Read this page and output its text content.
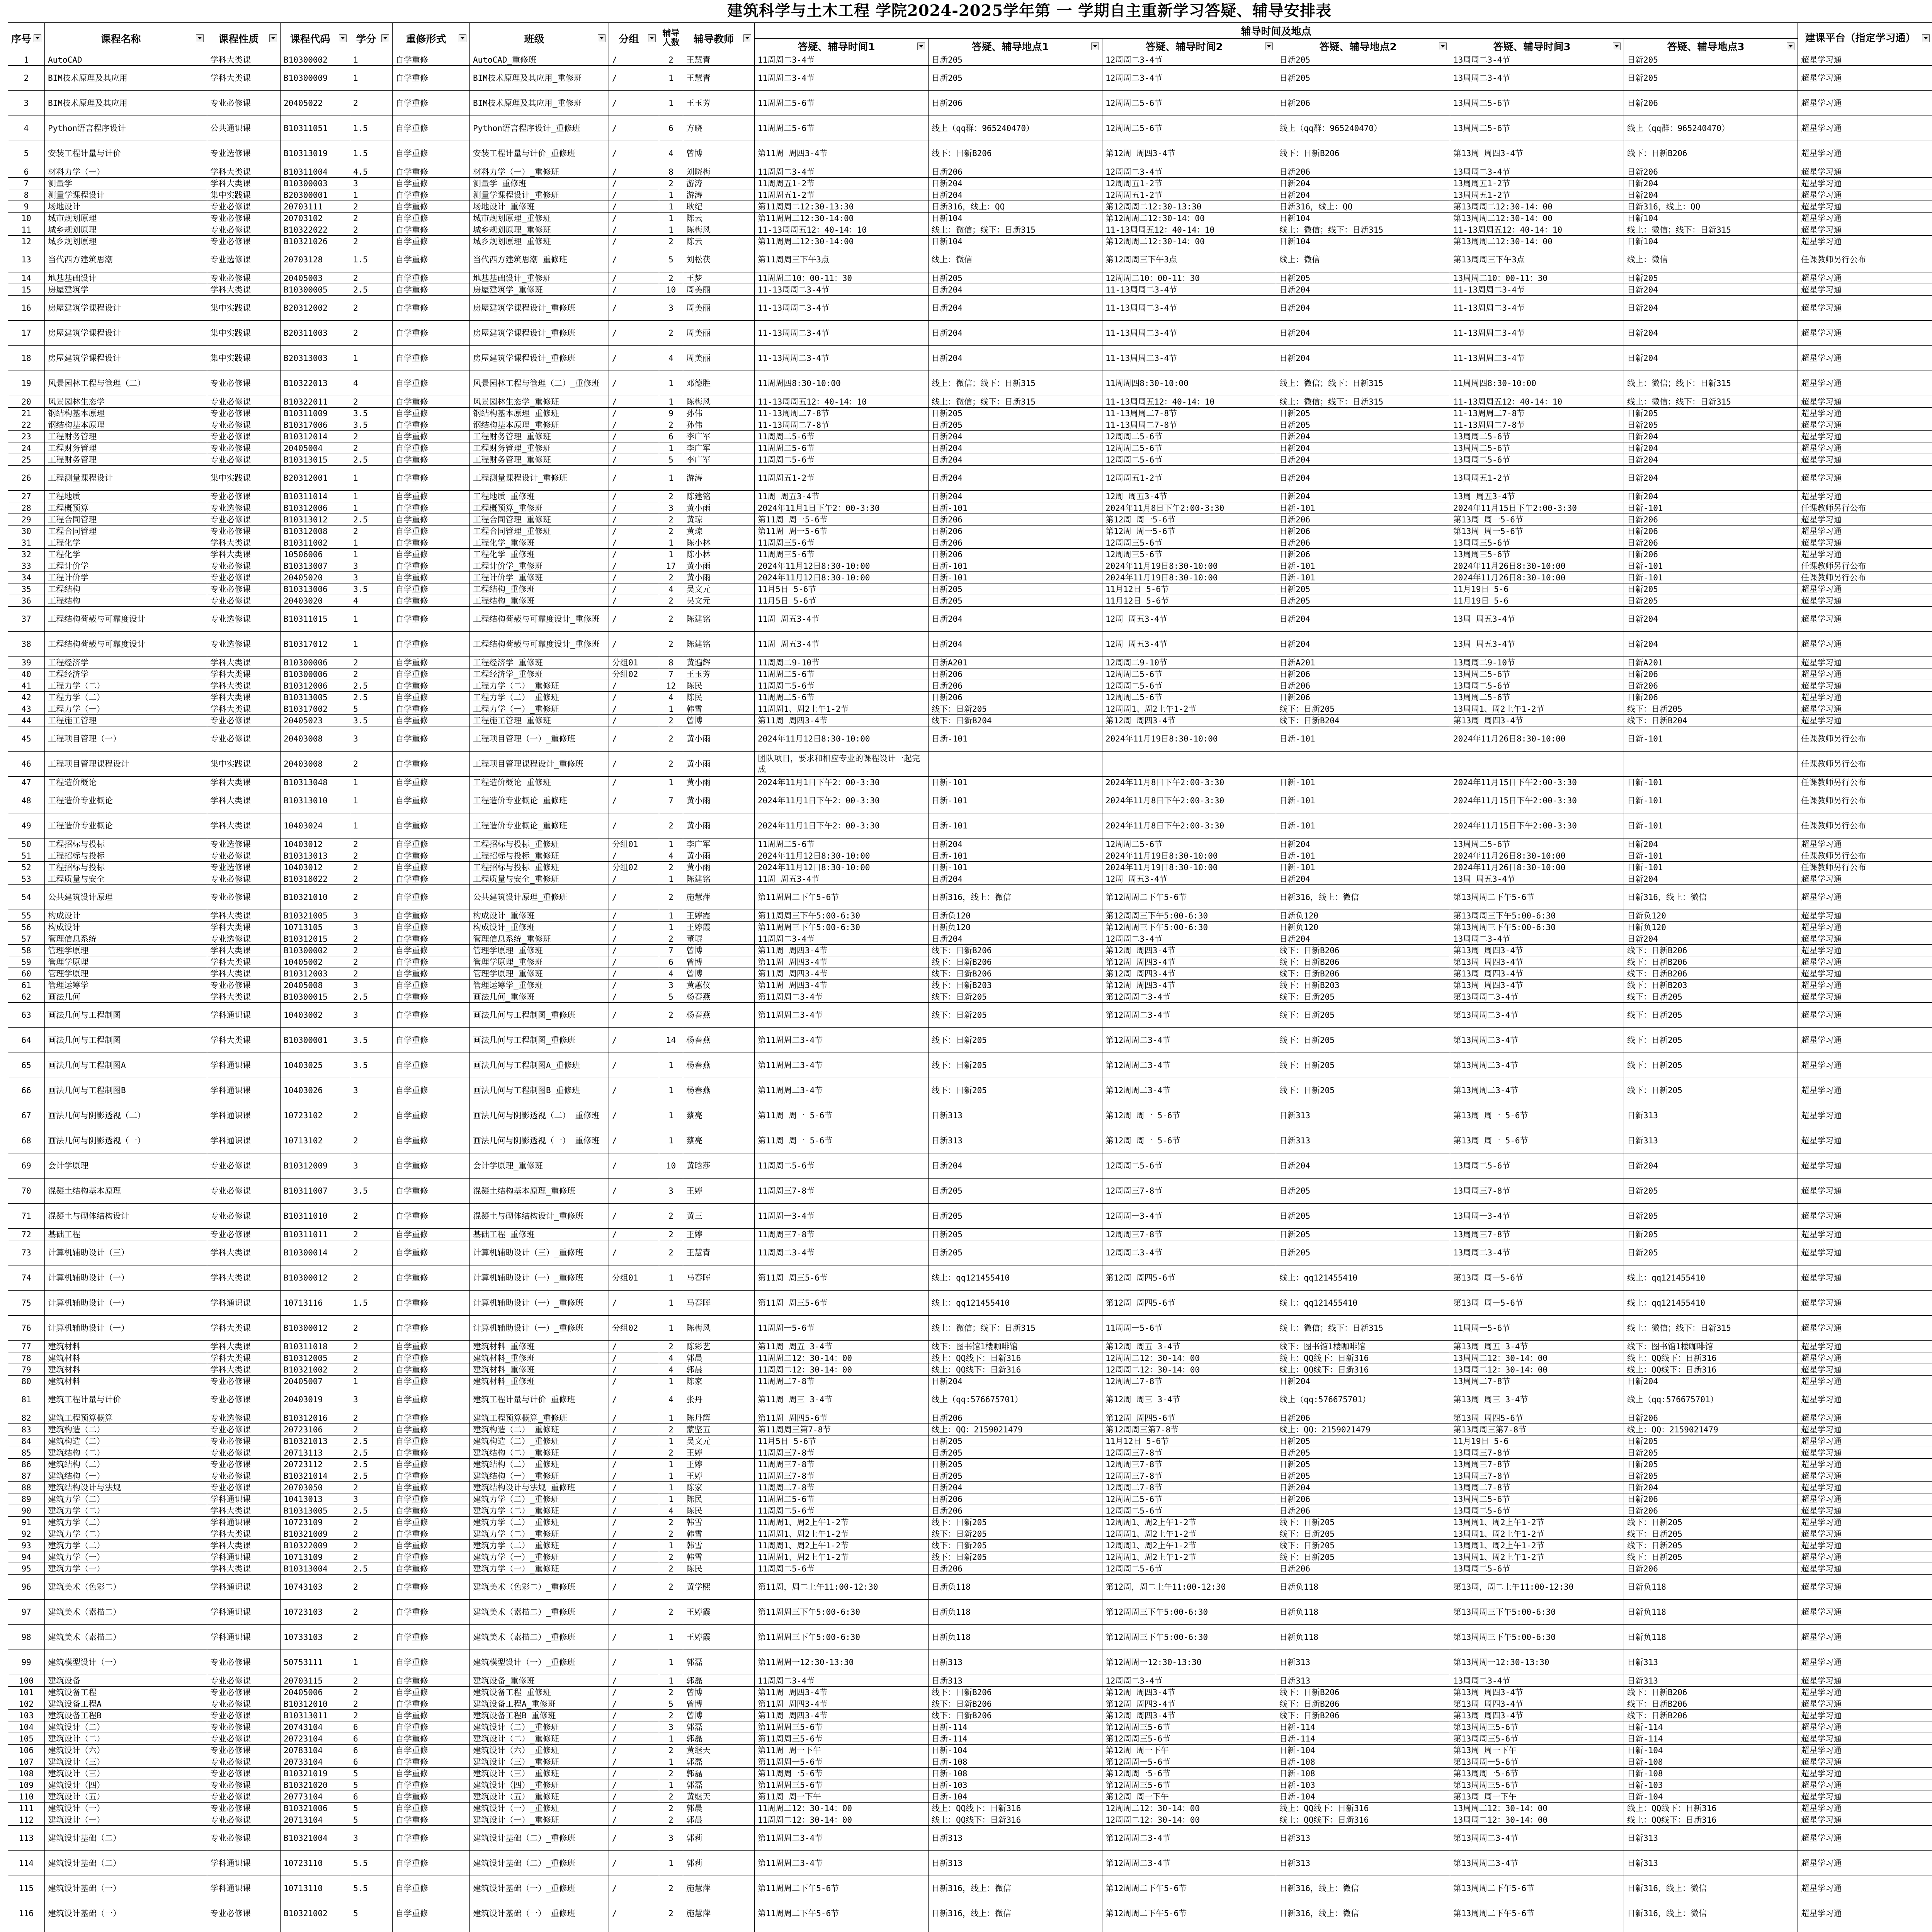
建筑科学与土木工程 学院2024-2025学年第 一 学期自主重新学习答疑、辅导安排表
序号	课程名称	课程性质	课程代码	学分	重修形式	班级	分组	辅导人数	辅导教师	辅导时间及地点						建课平台（指定学习通）

										答疑、辅导时间1	答疑、辅导地点1	答疑、辅导时间2	答疑、辅导地点2	答疑、辅导时间3	答疑、辅导地点3		

1	AutoCAD	学科大类课	B10300002	1	自学重修	AutoCAD_重修班	/	2	王慧青	11周周二3-4节	日新205	12周周二3-4节	日新205	13周周二3-4节	日新205	超星学习通	
2	BIM技术原理及其应用	学科大类课	B10300009	1	自学重修	BIM技术原理及其应用_重修班	/	1	王慧青	11周周二3-4节	日新205	12周周二3-4节	日新205	13周周二3-4节	日新205	超星学习通	
3	BIM技术原理及其应用	专业必修课	20405022	2	自学重修	BIM技术原理及其应用_重修班	/	1	王玉芳	11周周二5-6节	日新206	12周周二5-6节	日新206	13周周二5-6节	日新206	超星学习通	
4	Python语言程序设计	公共通识课	B10311051	1.5	自学重修	Python语言程序设计_重修班	/	6	方晓	11周周二5-6节	线上（qq群：965240470）	12周周二5-6节	线上（qq群：965240470）	13周周二5-6节	线上（qq群：965240470）	超星学习通	
5	安装工程计量与计价	专业选修课	B10313019	1.5	自学重修	安装工程计量与计价_重修班	/	4	曾博	第11周 周四3-4节	线下：日新B206	第12周 周四3-4节	线下：日新B206	第13周 周四3-4节	线下：日新B206	超星学习通	
6	材料力学（一）	学科大类课	B10311004	4.5	自学重修	材料力学（一）_重修班	/	8	刘晓梅	11周周二3-4节	日新206	12周周二3-4节	日新206	13周周二3-4节	日新206	超星学习通	
7	测量学	学科大类课	B10300003	3	自学重修	测量学_重修班	/	2	游涛	11周周五1-2节	日新204	12周周五1-2节	日新204	13周周五1-2节	日新204	超星学习通	
8	测量学课程设计	集中实践课	B20300001	1	自学重修	测量学课程设计_重修班	/	1	游涛	11周周五1-2节	日新204	12周周五1-2节	日新204	13周周五1-2节	日新204	超星学习通	
9	场地设计	专业必修课	20703111	2	自学重修	场地设计_重修班	/	1	耿纪	第11周周二12:30-13:30	日新316，线上：QQ	第12周周二12:30-13:30	日新316，线上：QQ	第13周周二12:30-14：00	日新316，线上：QQ	超星学习通	
10	城市规划原理	专业必修课	20703102	2	自学重修	城市规划原理_重修班	/	1	陈云	第11周周二12:30-14:00	日新104	第12周周二12:30-14：00	日新104	第13周周二12:30-14：00	日新104	超星学习通	
11	城乡规划原理	专业必修课	B10322022	2	自学重修	城乡规划原理_重修班	/	1	陈梅风	11-13周周五12：40-14：10	线上：微信；线下：日新315	11-13周周五12：40-14：10	线上：微信；线下：日新315	11-13周周五12：40-14：10	线上：微信；线下：日新315	超星学习通	
12	城乡规划原理	专业必修课	B10321026	2	自学重修	城乡规划原理_重修班	/	2	陈云	第11周周二12:30-14:00	日新104	第12周周二12:30-14：00	日新104	第13周周二12:30-14：00	日新104	超星学习通	
13	当代西方建筑思潮	专业选修课	20703128	1.5	自学重修	当代西方建筑思潮_重修班	/	5	刘松茯	第11周周三下午3点	线上：微信	第12周周三下午3点	线上：微信	第13周周三下午3点	线上：微信	任课教师另行公布	
14	地基基础设计	专业必修课	20405003	2	自学重修	地基基础设计_重修班	/	2	王梦	11周周二10：00-11：30	日新205	12周周二10：00-11：30	日新205	13周周二10：00-11：30	日新205	超星学习通	
15	房屋建筑学	学科大类课	B10300005	2.5	自学重修	房屋建筑学_重修班	/	10	周美丽	11-13周周二3-4节	日新204	11-13周周二3-4节	日新204	11-13周周二3-4节	日新204	超星学习通	
16	房屋建筑学课程设计	集中实践课	B20312002	2	自学重修	房屋建筑学课程设计_重修班	/	3	周美丽	11-13周周二3-4节	日新204	11-13周周二3-4节	日新204	11-13周周二3-4节	日新204	超星学习通	
17	房屋建筑学课程设计	集中实践课	B20311003	2	自学重修	房屋建筑学课程设计_重修班	/	2	周美丽	11-13周周二3-4节	日新204	11-13周周二3-4节	日新204	11-13周周二3-4节	日新204	超星学习通	
18	房屋建筑学课程设计	集中实践课	B20313003	1	自学重修	房屋建筑学课程设计_重修班	/	4	周美丽	11-13周周二3-4节	日新204	11-13周周二3-4节	日新204	11-13周周二3-4节	日新204	超星学习通	
19	风景园林工程与管理（二）	专业必修课	B10322013	4	自学重修	风景园林工程与管理（二）_重修班	/	1	邓德胜	11周周四8:30-10:00	线上：微信；线下：日新315	11周周四8:30-10:00	线上：微信；线下：日新315	11周周四8:30-10:00	线上：微信；线下：日新315	超星学习通	
20	风景园林生态学	专业必修课	B10322011	2	自学重修	风景园林生态学_重修班	/	1	陈梅风	11-13周周五12：40-14：10	线上：微信；线下：日新315	11-13周周五12：40-14：10	线上：微信；线下：日新315	11-13周周五12：40-14：10	线上：微信；线下：日新315	超星学习通	
21	钢结构基本原理	专业必修课	B10311009	3.5	自学重修	钢结构基本原理_重修班	/	9	孙伟	11-13周周二7-8节	日新205	11-13周周二7-8节	日新205	11-13周周二7-8节	日新205	超星学习通	
22	钢结构基本原理	专业必修课	B10317006	3.5	自学重修	钢结构基本原理_重修班	/	2	孙伟	11-13周周二7-8节	日新205	11-13周周二7-8节	日新205	11-13周周二7-8节	日新205	超星学习通	
23	工程财务管理	专业必修课	B10312014	2	自学重修	工程财务管理_重修班	/	6	李广军	11周周二5-6节	日新204	12周周二5-6节	日新204	13周周二5-6节	日新204	超星学习通	
24	工程财务管理	专业必修课	20405004	2	自学重修	工程财务管理_重修班	/	1	李广军	11周周二5-6节	日新204	12周周二5-6节	日新204	13周周二5-6节	日新204	超星学习通	
25	工程财务管理	专业必修课	B10313015	2.5	自学重修	工程财务管理_重修班	/	5	李广军	11周周二5-6节	日新204	12周周二5-6节	日新204	13周周二5-6节	日新204	超星学习通	
26	工程测量课程设计	集中实践课	B20312001	1	自学重修	工程测量课程设计_重修班	/	1	游涛	11周周五1-2节	日新204	12周周五1-2节	日新204	13周周五1-2节	日新204	超星学习通	
27	工程地质	专业必修课	B10311014	1	自学重修	工程地质_重修班	/	2	陈建铭	11周 周五3-4节	日新204	12周 周五3-4节	日新204	13周 周五3-4节	日新204	超星学习通	
28	工程概预算	专业选修课	B10312006	1	自学重修	工程概预算_重修班	/	3	黄小雨	2024年11月1日下午2：00-3:30	日新-101	2024年11月8日下午2:00-3:30	日新-101	2024年11月15日下午2:00-3:30	日新-101	任课教师另行公布	
29	工程合同管理	专业必修课	B10313012	2.5	自学重修	工程合同管理_重修班	/	2	黄琼	第11周 周一5-6节	日新206	第12周 周一5-6节	日新206	第13周 周一5-6节	日新206	超星学习通	
30	工程合同管理	专业必修课	B10312008	2	自学重修	工程合同管理_重修班	/	2	黄琼	第11周 周一5-6节	日新206	第12周 周一5-6节	日新206	第13周 周一5-6节	日新206	超星学习通	
31	工程化学	学科大类课	B10311002	1	自学重修	工程化学_重修班	/	1	陈小林	11周周三5-6节	日新206	12周周三5-6节	日新206	13周周三5-6节	日新206	超星学习通	
32	工程化学	学科大类课	10506006	1	自学重修	工程化学_重修班	/	1	陈小林	11周周三5-6节	日新206	12周周三5-6节	日新206	13周周三5-6节	日新206	超星学习通	
33	工程计价学	专业必修课	B10313007	3	自学重修	工程计价学_重修班	/	17	黄小雨	2024年11月12日8:30-10:00	日新-101	2024年11月19日8:30-10:00	日新-101	2024年11月26日8:30-10:00	日新-101	任课教师另行公布	
34	工程计价学	专业必修课	20405020	3	自学重修	工程计价学_重修班	/	2	黄小雨	2024年11月12日8:30-10:00	日新-101	2024年11月19日8:30-10:00	日新-101	2024年11月26日8:30-10:00	日新-101	任课教师另行公布	
35	工程结构	专业必修课	B10313006	3.5	自学重修	工程结构_重修班	/	4	吴文元	11月5日 5-6节	日新205	11月12日 5-6节	日新205	11月19日 5-6	日新205	超星学习通	
36	工程结构	专业必修课	20403020	4	自学重修	工程结构_重修班	/	2	吴文元	11月5日 5-6节	日新205	11月12日 5-6节	日新205	11月19日 5-6	日新205	超星学习通	
37	工程结构荷载与可靠度设计	专业选修课	B10311015	1	自学重修	工程结构荷载与可靠度设计_重修班	/	2	陈建铭	11周 周五3-4节	日新204	12周 周五3-4节	日新204	13周 周五3-4节	日新204	超星学习通	
38	工程结构荷载与可靠度设计	专业选修课	B10317012	1	自学重修	工程结构荷载与可靠度设计_重修班	/	2	陈建铭	11周 周五3-4节	日新204	12周 周五3-4节	日新204	13周 周五3-4节	日新204	超星学习通	
39	工程经济学	学科大类课	B10300006	2	自学重修	工程经济学_重修班	分组01	8	黄遍辉	11周周二9-10节	日新A201	12周周二9-10节	日新A201	13周周二9-10节	日新A201	超星学习通	
40	工程经济学	学科大类课	B10300006	2	自学重修	工程经济学_重修班	分组02	7	王玉芳	11周周二5-6节	日新206	12周周二5-6节	日新206	13周周二5-6节	日新206	超星学习通	
41	工程力学（二）	学科大类课	B10312006	2.5	自学重修	工程力学（二）_重修班	/	12	陈民	11周周二5-6节	日新206	12周周二5-6节	日新206	13周周二5-6节	日新206	超星学习通	
42	工程力学（二）	学科大类课	B10313005	2.5	自学重修	工程力学（二）_重修班	/	4	陈民	11周周二5-6节	日新206	12周周二5-6节	日新206	13周周二5-6节	日新206	超星学习通	
43	工程力学（一）	学科大类课	B10317002	5	自学重修	工程力学（一）_重修班	/	1	韩雪	11周周1、周2上午1-2节	线下：日新205	12周周1、周2上午1-2节	线下：日新205	13周周1、周2上午1-2节	线下：日新205	超星学习通	
44	工程施工管理	专业必修课	20405023	3.5	自学重修	工程施工管理_重修班	/	2	曾博	第11周 周四3-4节	线下：日新B204	第12周 周四3-4节	线下：日新B204	第13周 周四3-4节	线下：日新B204	超星学习通	
45	工程项目管理（一）	专业必修课	20403008	3	自学重修	工程项目管理（一）_重修班	/	2	黄小雨	2024年11月12日8:30-10:00	日新-101	2024年11月19日8:30-10:00	日新-101	2024年11月26日8:30-10:00	日新-101	任课教师另行公布	
46	工程项目管理课程设计	集中实践课	20403008	2	自学重修	工程项目管理课程设计_重修班	/	2	黄小雨	团队项目，要求和相应专业的课程设计一起完成						任课教师另行公布	
47	工程造价概论	学科大类课	B10313048	1	自学重修	工程造价概论_重修班	/	1	黄小雨	2024年11月1日下午2：00-3:30	日新-101	2024年11月8日下午2:00-3:30	日新-101	2024年11月15日下午2:00-3:30	日新-101	任课教师另行公布	
48	工程造价专业概论	学科大类课	B10313010	1	自学重修	工程造价专业概论_重修班	/	7	黄小雨	2024年11月1日下午2：00-3:30	日新-101	2024年11月8日下午2:00-3:30	日新-101	2024年11月15日下午2:00-3:30	日新-101	任课教师另行公布	
49	工程造价专业概论	学科大类课	10403024	1	自学重修	工程造价专业概论_重修班	/	2	黄小雨	2024年11月1日下午2：00-3:30	日新-101	2024年11月8日下午2:00-3:30	日新-101	2024年11月15日下午2:00-3:30	日新-101	任课教师另行公布	
50	工程招标与投标	专业选修课	10403012	2	自学重修	工程招标与投标_重修班	分组01	1	李广军	11周周二5-6节	日新204	12周周二5-6节	日新204	13周周二5-6节	日新204	超星学习通	
51	工程招标与投标	专业必修课	B10313013	2	自学重修	工程招标与投标_重修班	/	4	黄小雨	2024年11月12日8:30-10:00	日新-101	2024年11月19日8:30-10:00	日新-101	2024年11月26日8:30-10:00	日新-101	任课教师另行公布	
52	工程招标与投标	专业选修课	10403012	2	自学重修	工程招标与投标_重修班	分组02	2	黄小雨	2024年11月12日8:30-10:00	日新-101	2024年11月19日8:30-10:00	日新-101	2024年11月26日8:30-10:00	日新-101	任课教师另行公布	
53	工程质量与安全	专业必修课	B10318022	2	自学重修	工程质量与安全_重修班	/	1	陈建铭	11周 周五3-4节	日新204	12周 周五3-4节	日新204	13周 周五3-4节	日新204	超星学习通	
54	公共建筑设计原理	专业必修课	B10321010	2	自学重修	公共建筑设计原理_重修班	/	2	施慧萍	第11周周二下午5-6节	日新316，线上：微信	第12周周二下午5-6节	日新316，线上：微信	第13周周二下午5-6节	日新316，线上：微信	超星学习通	
55	构成设计	学科大类课	B10321005	3	自学重修	构成设计_重修班	/	1	王婷霞	第11周周三下午5:00-6:30	日新负120	第12周周三下午5:00-6:30	日新负120	第13周周三下午5:00-6:30	日新负120	超星学习通	
56	构成设计	学科大类课	10713105	3	自学重修	构成设计_重修班	/	1	王婷霞	第11周周三下午5:00-6:30	日新负120	第12周周三下午5:00-6:30	日新负120	第13周周三下午5:00-6:30	日新负120	超星学习通	
57	管理信息系统	专业选修课	B10312015	2	自学重修	管理信息系统_重修班	/	2	董琨	11周周二3-4节	日新204	12周周二3-4节	日新204	13周周二3-4节	日新204	超星学习通	
58	管理学原理	学科大类课	B10300002	2	自学重修	管理学原理_重修班	/	7	曾博	第11周 周四3-4节	线下：日新B206	第12周 周四3-4节	线下：日新B206	第13周 周四3-4节	线下：日新B206	超星学习通	
59	管理学原理	学科大类课	10405002	2	自学重修	管理学原理_重修班	/	6	曾博	第11周 周四3-4节	线下：日新B206	第12周 周四3-4节	线下：日新B206	第13周 周四3-4节	线下：日新B206	超星学习通	
60	管理学原理	学科大类课	B10312003	2	自学重修	管理学原理_重修班	/	4	曾博	第11周 周四3-4节	线下：日新B206	第12周 周四3-4节	线下：日新B206	第13周 周四3-4节	线下：日新B206	超星学习通	
61	管理运筹学	专业必修课	20405008	3	自学重修	管理运筹学_重修班	/	3	黄蕙仪	第11周 周四3-4节	线下：日新B203	第12周 周四3-4节	线下：日新B203	第13周 周四3-4节	线下：日新B203	超星学习通	
62	画法几何	学科大类课	B10300015	2.5	自学重修	画法几何_重修班	/	5	杨春燕	第11周周二3-4节	线下：日新205	第12周周二3-4节	线下：日新205	第13周周二3-4节	线下：日新205	超星学习通	
63	画法几何与工程制图	学科通识课	10403002	3	自学重修	画法几何与工程制图_重修班	/	2	杨春燕	第11周周二3-4节	线下：日新205	第12周周二3-4节	线下：日新205	第13周周二3-4节	线下：日新205	超星学习通	
64	画法几何与工程制图	学科大类课	B10300001	3.5	自学重修	画法几何与工程制图_重修班	/	14	杨春燕	第11周周二3-4节	线下：日新205	第12周周二3-4节	线下：日新205	第13周周二3-4节	线下：日新205	超星学习通	
65	画法几何与工程制图A	学科通识课	10403025	3.5	自学重修	画法几何与工程制图A_重修班	/	1	杨春燕	第11周周二3-4节	线下：日新205	第12周周二3-4节	线下：日新205	第13周周二3-4节	线下：日新205	超星学习通	
66	画法几何与工程制图B	学科通识课	10403026	3	自学重修	画法几何与工程制图B_重修班	/	1	杨春燕	第11周周二3-4节	线下：日新205	第12周周二3-4节	线下：日新205	第13周周二3-4节	线下：日新205	超星学习通	
67	画法几何与阴影透视（二）	学科通识课	10723102	2	自学重修	画法几何与阴影透视（二）_重修班	/	1	蔡亮	第11周 周一 5-6节	日新313	第12周 周一 5-6节	日新313	第13周 周一 5-6节	日新313	超星学习通	
68	画法几何与阴影透视（一）	学科通识课	10713102	2	自学重修	画法几何与阴影透视（一）_重修班	/	1	蔡亮	第11周 周一 5-6节	日新313	第12周 周一 5-6节	日新313	第13周 周一 5-6节	日新313	超星学习通	
69	会计学原理	专业必修课	B10312009	3	自学重修	会计学原理_重修班	/	10	黄晗莎	11周周二5-6节	日新204	12周周二5-6节	日新204	13周周二5-6节	日新204	超星学习通	
70	混凝土结构基本原理	专业必修课	B10311007	3.5	自学重修	混凝土结构基本原理_重修班	/	3	王婷	11周周三7-8节	日新205	12周周三7-8节	日新205	13周周三7-8节	日新205	超星学习通	
71	混凝土与砌体结构设计	专业必修课	B10311010	2	自学重修	混凝土与砌体结构设计_重修班	/	2	黄三	11周周一3-4节	日新205	12周周一3-4节	日新205	13周周一3-4节	日新205	超星学习通	
72	基础工程	专业必修课	B10311011	2	自学重修	基础工程_重修班	/	2	王婷	11周周三7-8节	日新205	12周周三7-8节	日新205	13周周三7-8节	日新205	超星学习通	
73	计算机辅助设计（三）	学科大类课	B10300014	2	自学重修	计算机辅助设计（三）_重修班	/	2	王慧青	11周周二3-4节	日新205	12周周二3-4节	日新205	13周周二3-4节	日新205	超星学习通	
74	计算机辅助设计（一）	学科大类课	B10300012	2	自学重修	计算机辅助设计（一）_重修班	分组01	1	马春晖	第11周 周三5-6节	线上：qq121455410	第12周 周四5-6节	线上：qq121455410	第13周 周一5-6节	线上：qq121455410	超星学习通	
75	计算机辅助设计（一）	学科通识课	10713116	1.5	自学重修	计算机辅助设计（一）_重修班	/	1	马春晖	第11周 周三5-6节	线上：qq121455410	第12周 周四5-6节	线上：qq121455410	第13周 周一5-6节	线上：qq121455410	超星学习通	
76	计算机辅助设计（一）	学科大类课	B10300012	2	自学重修	计算机辅助设计（一）_重修班	分组02	1	陈梅风	11周周一5-6节	线上：微信；线下：日新315	11周周一5-6节	线上：微信；线下：日新315	11周周一5-6节	线上：微信；线下：日新315	超星学习通	
77	建筑材料	学科大类课	B10311018	2	自学重修	建筑材料_重修班	/	2	陈彩艺	第11周 周五 3-4节	线下：图书馆1楼咖啡馆	第12周 周五 3-4节	线下：图书馆1楼咖啡馆	第13周 周五 3-4节	线下：图书馆1楼咖啡馆	超星学习通	
78	建筑材料	学科大类课	B10312005	2	自学重修	建筑材料_重修班	/	4	郭晨	11周周二12：30-14：00	线上：QQ线下：日新316	12周周二12：30-14：00	线上：QQ线下：日新316	13周周二12：30-14：00	线上：QQ线下：日新316	超星学习通	
79	建筑材料	学科大类课	B10321002	2	自学重修	建筑材料_重修班	/	4	郭晨	11周周二12：30-14：00	线上：QQ线下：日新316	12周周二12：30-14：00	线上：QQ线下：日新316	13周周二12：30-14：00	线上：QQ线下：日新316	超星学习通	
80	建筑材料	专业必修课	20405007	1	自学重修	建筑材料_重修班	/	1	陈家	11周周二7-8节	日新204	12周周二7-8节	日新204	13周周二7-8节	日新204	超星学习通	
81	建筑工程计量与计价	专业必修课	20403019	3	自学重修	建筑工程计量与计价_重修班	/	4	张丹	第11周 周三 3-4节	线上（qq:576675701）	第12周 周三 3-4节	线上（qq:576675701）	第13周 周三 3-4节	线上（qq:576675701）	超星学习通	
82	建筑工程预算概算	专业选修课	B10312016	2	自学重修	建筑工程预算概算_重修班	/	1	陈丹辉	第11周 周四5-6节	日新206	第12周 周四5-6节	日新206	第13周 周四5-6节	日新206	超星学习通	
83	建筑构造（二）	专业必修课	20723106	2	自学重修	建筑构造（二）_重修班	/	2	蒙坚五	第11周周三第7-8节	线上：QQ：2159021479	第12周周三第7-8节	线上：QQ：2159021479	第13周周三第7-8节	线上：QQ：2159021479	超星学习通	
84	建筑构造（二）	专业必修课	B10321013	2.5	自学重修	建筑构造（二）_重修班	/	1	吴文元	11月5日 5-6节	日新205	11月12日 5-6节	日新205	11月19日 5-6	日新205	超星学习通	
85	建筑结构（二）	专业必修课	20713113	2.5	自学重修	建筑结构（二）_重修班	/	2	王婷	11周周三7-8节	日新205	12周周三7-8节	日新205	13周周三7-8节	日新205	超星学习通	
86	建筑结构（二）	专业必修课	20723112	2.5	自学重修	建筑结构（二）_重修班	/	1	王婷	11周周三7-8节	日新205	12周周三7-8节	日新205	13周周三7-8节	日新205	超星学习通	
87	建筑结构（一）	专业必修课	B10321014	2.5	自学重修	建筑结构（一）_重修班	/	1	王婷	11周周三7-8节	日新205	12周周三7-8节	日新205	13周周三7-8节	日新205	超星学习通	
88	建筑结构设计与法规	专业必修课	20703050	2	自学重修	建筑结构设计与法规_重修班	/	1	陈家	11周周二7-8节	日新204	12周周二7-8节	日新204	13周周二7-8节	日新204	超星学习通	
89	建筑力学（二）	学科通识课	10413013	3	自学重修	建筑力学（二）_重修班	/	1	陈民	11周周二5-6节	日新206	12周周二5-6节	日新206	13周周二5-6节	日新206	超星学习通	
90	建筑力学（二）	学科大类课	B10313005	2.5	自学重修	建筑力学（二）_重修班	/	4	陈民	11周周二5-6节	日新206	12周周二5-6节	日新206	13周周二5-6节	日新206	超星学习通	
91	建筑力学（二）	学科通识课	10723109	2	自学重修	建筑力学（二）_重修班	/	2	韩雪	11周周1、周2上午1-2节	线下：日新205	12周周1、周2上午1-2节	线下：日新205	13周周1、周2上午1-2节	线下：日新205	超星学习通	
92	建筑力学（二）	学科大类课	B10321009	2	自学重修	建筑力学（二）_重修班	/	2	韩雪	11周周1、周2上午1-2节	线下：日新205	12周周1、周2上午1-2节	线下：日新205	13周周1、周2上午1-2节	线下：日新205	超星学习通	
93	建筑力学（二）	学科大类课	B10322009	2	自学重修	建筑力学（二）_重修班	/	1	韩雪	11周周1、周2上午1-2节	线下：日新205	12周周1、周2上午1-2节	线下：日新205	13周周1、周2上午1-2节	线下：日新205	超星学习通	
94	建筑力学（一）	学科通识课	10713109	2	自学重修	建筑力学（一）_重修班	/	2	韩雪	11周周1、周2上午1-2节	线下：日新205	12周周1、周2上午1-2节	线下：日新205	13周周1、周2上午1-2节	线下：日新205	超星学习通	
95	建筑力学（一）	学科大类课	B10313004	2.5	自学重修	建筑力学（一）_重修班	/	2	陈民	11周周二5-6节	日新206	12周周二5-6节	日新206	13周周二5-6节	日新206	超星学习通	
96	建筑美术（色彩二）	学科通识课	10743103	2	自学重修	建筑美术（色彩二）_重修班	/	2	黄学熙	第11周，周二上午11:00-12:30	日新负118	第12周，周二上午11:00-12:30	日新负118	第13周，周二上午11:00-12:30	日新负118	超星学习通	
97	建筑美术（素描二）	学科通识课	10723103	2	自学重修	建筑美术（素描二）_重修班	/	2	王婷霞	第11周周三下午5:00-6:30	日新负118	第12周周三下午5:00-6:30	日新负118	第13周周三下午5:00-6:30	日新负118	超星学习通	
98	建筑美术（素描二）	学科通识课	10733103	2	自学重修	建筑美术（素描二）_重修班	/	1	王婷霞	第11周周三下午5:00-6:30	日新负118	第12周周三下午5:00-6:30	日新负118	第13周周三下午5:00-6:30	日新负118	超星学习通	
99	建筑模型设计（一）	专业必修课	50753111	1	自学重修	建筑模型设计（一）_重修班	/	1	郭磊	第11周周一12:30-13:30	日新313	第12周周一12:30-13:30	日新313	第13周周一12:30-13:30	日新313	超星学习通	
100	建筑设备	专业必修课	20703115	2	自学重修	建筑设备_重修班	/	1	郭磊	11周周二3-4节	日新313	12周周二3-4节	日新313	13周周二3-4节	日新313	超星学习通	
101	建筑设备工程	专业必修课	20405006	2	自学重修	建筑设备工程_重修班	/	2	曾博	第11周 周四3-4节	线下：日新B206	第12周 周四3-4节	线下：日新B206	第13周 周四3-4节	线下：日新B206	超星学习通	
102	建筑设备工程A	专业必修课	B10312010	2	自学重修	建筑设备工程A_重修班	/	5	曾博	第11周 周四3-4节	线下：日新B206	第12周 周四3-4节	线下：日新B206	第13周 周四3-4节	线下：日新B206	超星学习通	
103	建筑设备工程B	专业必修课	B10313011	2	自学重修	建筑设备工程B_重修班	/	2	曾博	第11周 周四3-4节	线下：日新B206	第12周 周四3-4节	线下：日新B206	第13周 周四3-4节	线下：日新B206	超星学习通	
104	建筑设计（二）	专业必修课	20743104	6	自学重修	建筑设计（二）_重修班	/	3	郭磊	第11周周三5-6节	日新-114	第12周周三5-6节	日新-114	第13周周三5-6节	日新-114	超星学习通	
105	建筑设计（二）	专业必修课	20723104	6	自学重修	建筑设计（二）_重修班	/	1	郭磊	第11周周三5-6节	日新-114	第12周周三5-6节	日新-114	第13周周三5-6节	日新-114	超星学习通	
106	建筑设计（六）	专业必修课	20783104	6	自学重修	建筑设计（六）_重修班	/	2	黄继天	第11周 周一下午	日新-104	第12周 周一下午	日新-104	第13周 周一下午	日新-104	超星学习通	
107	建筑设计（三）	专业必修课	20733104	6	自学重修	建筑设计（三）_重修班	/	1	郭磊	第11周周一5-6节	日新-108	第12周周一5-6节	日新-108	第13周周一5-6节	日新-108	超星学习通	
108	建筑设计（三）	专业必修课	B10321019	5	自学重修	建筑设计（三）_重修班	/	2	郭磊	第11周周一5-6节	日新-108	第12周周一5-6节	日新-108	第13周周一5-6节	日新-108	超星学习通	
109	建筑设计（四）	专业必修课	B10321020	5	自学重修	建筑设计（四）_重修班	/	1	郭磊	第11周周三5-6节	日新-103	第12周周三5-6节	日新-103	第13周周三5-6节	日新-103	超星学习通	
110	建筑设计（五）	专业必修课	20773104	6	自学重修	建筑设计（五）_重修班	/	2	黄继天	第11周 周一下午	日新-104	第12周 周一下午	日新-104	第13周 周一下午	日新-104	超星学习通	
111	建筑设计（一）	专业必修课	B10321006	5	自学重修	建筑设计（一）_重修班	/	2	郭晨	11周周二12：30-14：00	线上：QQ线下：日新316	12周周二12：30-14：00	线上：QQ线下：日新316	13周周二12：30-14：00	线上：QQ线下：日新316	超星学习通	
112	建筑设计（一）	专业必修课	20713104	5	自学重修	建筑设计（一）_重修班	/	2	郭晨	11周周二12：30-14：00	线上：QQ线下：日新316	12周周二12：30-14：00	线上：QQ线下：日新316	13周周二12：30-14：00	线上：QQ线下：日新316	超星学习通	
113	建筑设计基础（二）	专业必修课	B10321004	3	自学重修	建筑设计基础（二）_重修班	/	3	郭莉	第11周周二3-4节	日新313	第12周周二3-4节	日新313	第13周周二3-4节	日新313	超星学习通	
114	建筑设计基础（二）	学科通识课	10723110	5.5	自学重修	建筑设计基础（二）_重修班	/	1	郭莉	第11周周二3-4节	日新313	第12周周二3-4节	日新313	第13周周二3-4节	日新313	超星学习通	
115	建筑设计基础（一）	学科通识课	10713110	5.5	自学重修	建筑设计基础（一）_重修班	/	2	施慧萍	第11周周二下午5-6节	日新316，线上：微信	第12周周二下午5-6节	日新316，线上：微信	第13周周二下午5-6节	日新316，线上：微信	超星学习通	
116	建筑设计基础（一）	专业必修课	B10321002	5	自学重修	建筑设计基础（一）_重修班	/	2	施慧萍	第11周周二下午5-6节	日新316，线上：微信	第12周周二下午5-6节	日新316，线上：微信	第13周周二下午5-6节	日新316，线上：微信	超星学习通	
